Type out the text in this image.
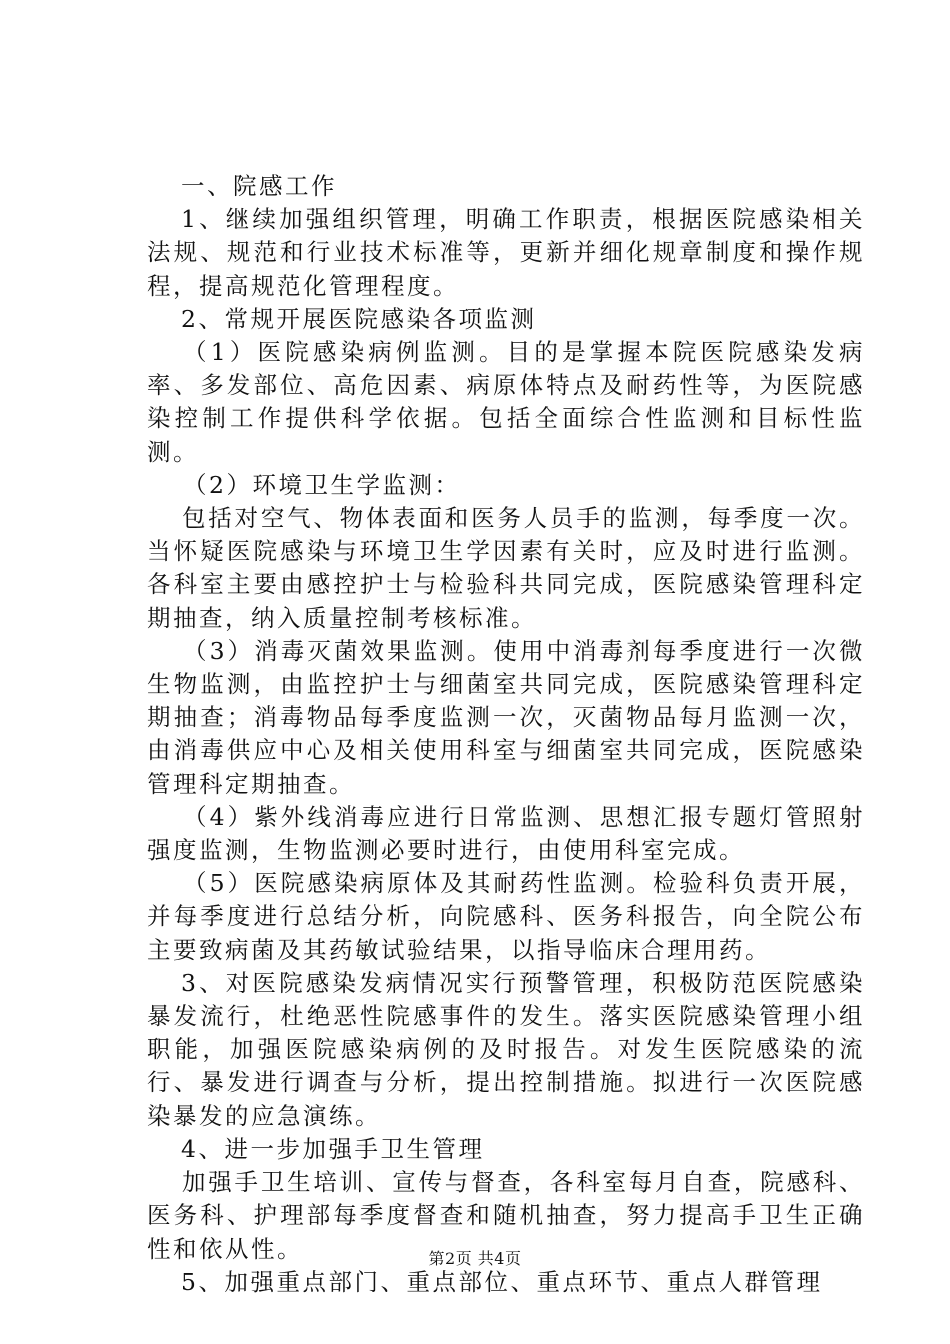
一、院感工作

1、继续加强组织管理，明确工作职责，根据医院感染相关法规、规范和行业技术标准等，更新并细化规章制度和操作规程，提高规范化管理程度。

2、常规开展医院感染各项监测

（1）医院感染病例监测。目的是掌握本院医院感染发病率、多发部位、高危因素、病原体特点及耐药性等，为医院感染控制工作提供科学依据。包括全面综合性监测和目标性监测。

（2）环境卫生学监测：

包括对空气、物体表面和医务人员手的监测，每季度一次。当怀疑医院感染与环境卫生学因素有关时，应及时进行监测。各科室主要由感控护士与检验科共同完成，医院感染管理科定期抽查，纳入质量控制考核标准。

（3）消毒灭菌效果监测。使用中消毒剂每季度进行一次微生物监测，由监控护士与细菌室共同完成，医院感染管理科定期抽查；消毒物品每季度监测一次，灭菌物品每月监测一次，由消毒供应中心及相关使用科室与细菌室共同完成，医院感染管理科定期抽查。

（4）紫外线消毒应进行日常监测、思想汇报专题灯管照射强度监测，生物监测必要时进行，由使用科室完成。

（5）医院感染病原体及其耐药性监测。检验科负责开展，并每季度进行总结分析，向院感科、医务科报告，向全院公布主要致病菌及其药敏试验结果，以指导临床合理用药。

3、对医院感染发病情况实行预警管理，积极防范医院感染暴发流行，杜绝恶性院感事件的发生。落实医院感染管理小组职能，加强医院感染病例的及时报告。对发生医院感染的流行、暴发进行调查与分析，提出控制措施。拟进行一次医院感染暴发的应急演练。

4、进一步加强手卫生管理

加强手卫生培训、宣传与督查，各科室每月自查，院感科、医务科、护理部每季度督查和随机抽查，努力提高手卫生正确性和依从性。

5、加强重点部门、重点部位、重点环节、重点人群管理

第2页 共4页
